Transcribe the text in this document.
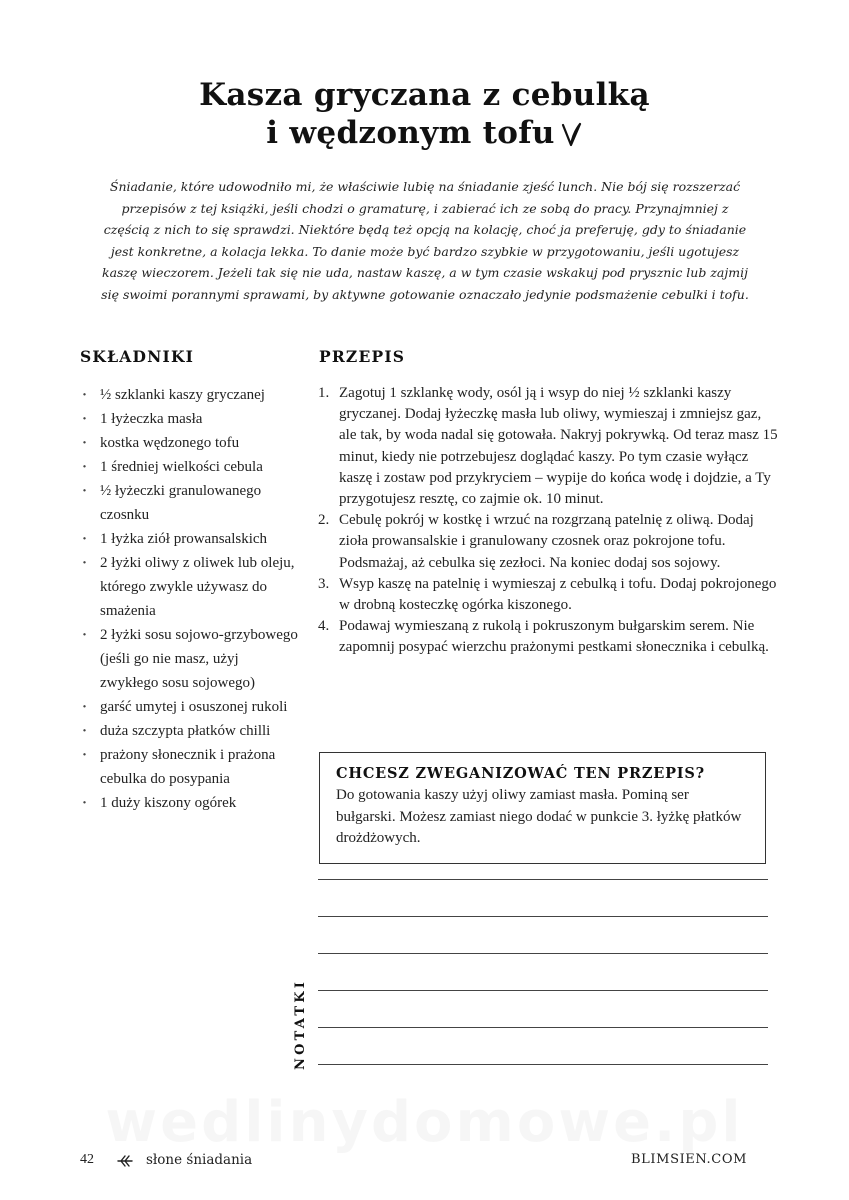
Kasza gryczana z cebulką
i wędzonym tofu
Śniadanie, które udowodniło mi, że właściwie lubię na śniadanie zjeść lunch. Nie bój się rozszerzać przepisów z tej książki, jeśli chodzi o gramaturę, i zabierać ich ze sobą do pracy. Przynajmniej z częścią z nich to się sprawdzi. Niektóre będą też opcją na kolację, choć ja preferuję, gdy to śniadanie jest konkretne, a kolacja lekka. To danie może być bardzo szybkie w przygotowaniu, jeśli ugotujesz kaszę wieczorem. Jeżeli tak się nie uda, nastaw kaszę, a w tym czasie wskakuj pod prysznic lub zajmij się swoimi porannymi sprawami, by aktywne gotowanie oznaczało jedynie podsmażenie cebulki i tofu.
SKŁADNIKI
· ½ szklanki kaszy gryczanej
· 1 łyżeczka masła
· kostka wędzonego tofu
· 1 średniej wielkości cebula
· ½ łyżeczki granulowanego czosnku
· 1 łyżka ziół prowansalskich
· 2 łyżki oliwy z oliwek lub oleju, którego zwykle używasz do smażenia
· 2 łyżki sosu sojowo-grzybowego (jeśli go nie masz, użyj zwykłego sosu sojowego)
· garść umytej i osuszonej rukoli
· duża szczypta płatków chilli
· prażony słonecznik i prażona cebulka do posypania
· 1 duży kiszony ogórek
PRZEPIS
1. Zagotuj 1 szklankę wody, osól ją i wsyp do niej ½ szklanki kaszy gryczanej. Dodaj łyżeczkę masła lub oliwy, wymieszaj i zmniejsz gaz, ale tak, by woda nadal się gotowała. Nakryj pokrywką. Od teraz masz 15 minut, kiedy nie potrzebujesz doglądać kaszy. Po tym czasie wyłącz kaszę i zostaw pod przykryciem – wypije do końca wodę i dojdzie, a Ty przygotujesz resztę, co zajmie ok. 10 minut.
2. Cebulę pokrój w kostkę i wrzuć na rozgrzaną patelnię z oliwą. Dodaj zioła prowansalskie i granulowany czosnek oraz pokrojone tofu. Podsmażaj, aż cebulka się zezłoci. Na koniec dodaj sos sojowy.
3. Wsyp kaszę na patelnię i wymieszaj z cebulką i tofu. Dodaj pokrojonego w drobną kosteczkę ogórka kiszonego.
4. Podawaj wymieszaną z rukolą i pokruszonym bułgarskim serem. Nie zapomnij posypać wierzchu prażonymi pestkami słonecznika i cebulką.
CHCESZ ZWEGANIZOWAĆ TEN PRZEPIS?
Do gotowania kaszy użyj oliwy zamiast masła. Pominą ser bułgarski. Możesz zamiast niego dodać w punkcie 3. łyżkę płatków drożdżowych.
NOTATKI
42	słone śniadania	BLIMSIEN.COM
